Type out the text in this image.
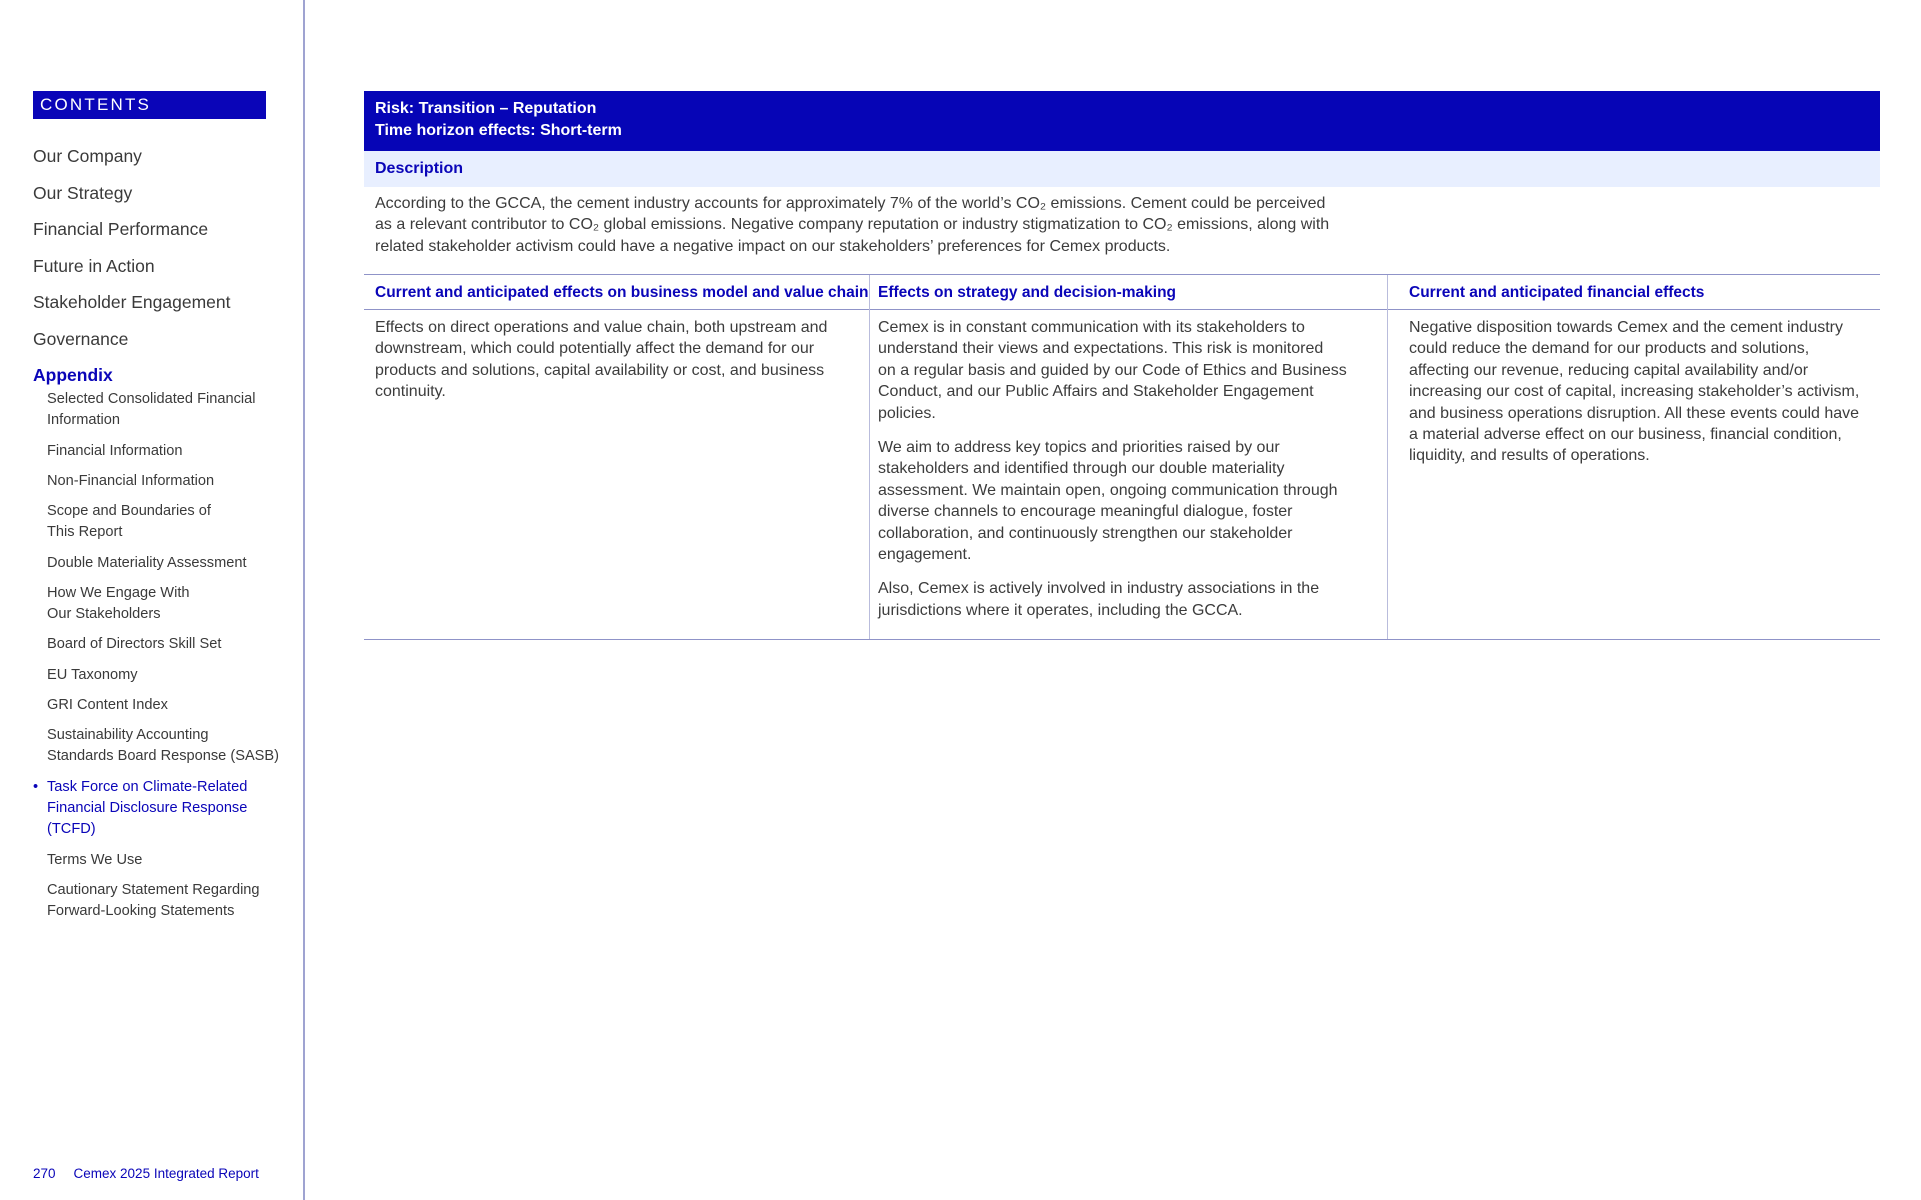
CONTENTS
Our Company
Our Strategy
Financial Performance
Future in Action
Stakeholder Engagement
Governance
Appendix
Selected Consolidated Financial
Information
Financial Information
Non-Financial Information
Scope and Boundaries of
This Report
Double Materiality Assessment
How We Engage With
Our Stakeholders
Board of Directors Skill Set
EU Taxonomy
GRI Content Index
Sustainability Accounting
Standards Board Response (SASB)
• Task Force on Climate-Related
Financial Disclosure Response
(TCFD)
Terms We Use
Cautionary Statement Regarding
Forward-Looking Statements
270 Cemex 2025 Integrated Report
Risk: Transition – Reputation
Time horizon effects: Short-term
Description
According to the GCCA, the cement industry accounts for approximately 7% of the world’s CO₂ emissions. Cement could be perceived
as a relevant contributor to CO₂ global emissions. Negative company reputation or industry stigmatization to CO₂ emissions, along with
related stakeholder activism could have a negative impact on our stakeholders’ preferences for Cemex products.
Current and anticipated effects on business model and value chain

Effects on direct operations and value chain, both upstream and
downstream, which could potentially affect the demand for our
products and solutions, capital availability or cost, and business
continuity.

Effects on strategy and decision-making

Cemex is in constant communication with its stakeholders to
understand their views and expectations. This risk is monitored
on a regular basis and guided by our Code of Ethics and Business
Conduct, and our Public Affairs and Stakeholder Engagement
policies.

We aim to address key topics and priorities raised by our
stakeholders and identified through our double materiality
assessment. We maintain open, ongoing communication through
diverse channels to encourage meaningful dialogue, foster
collaboration, and continuously strengthen our stakeholder
engagement.

Also, Cemex is actively involved in industry associations in the
jurisdictions where it operates, including the GCCA.

Current and anticipated financial effects

Negative disposition towards Cemex and the cement industry
could reduce the demand for our products and solutions,
affecting our revenue, reducing capital availability and/or
increasing our cost of capital, increasing stakeholder’s activism,
and business operations disruption. All these events could have
a material adverse effect on our business, financial condition,
liquidity, and results of operations.
